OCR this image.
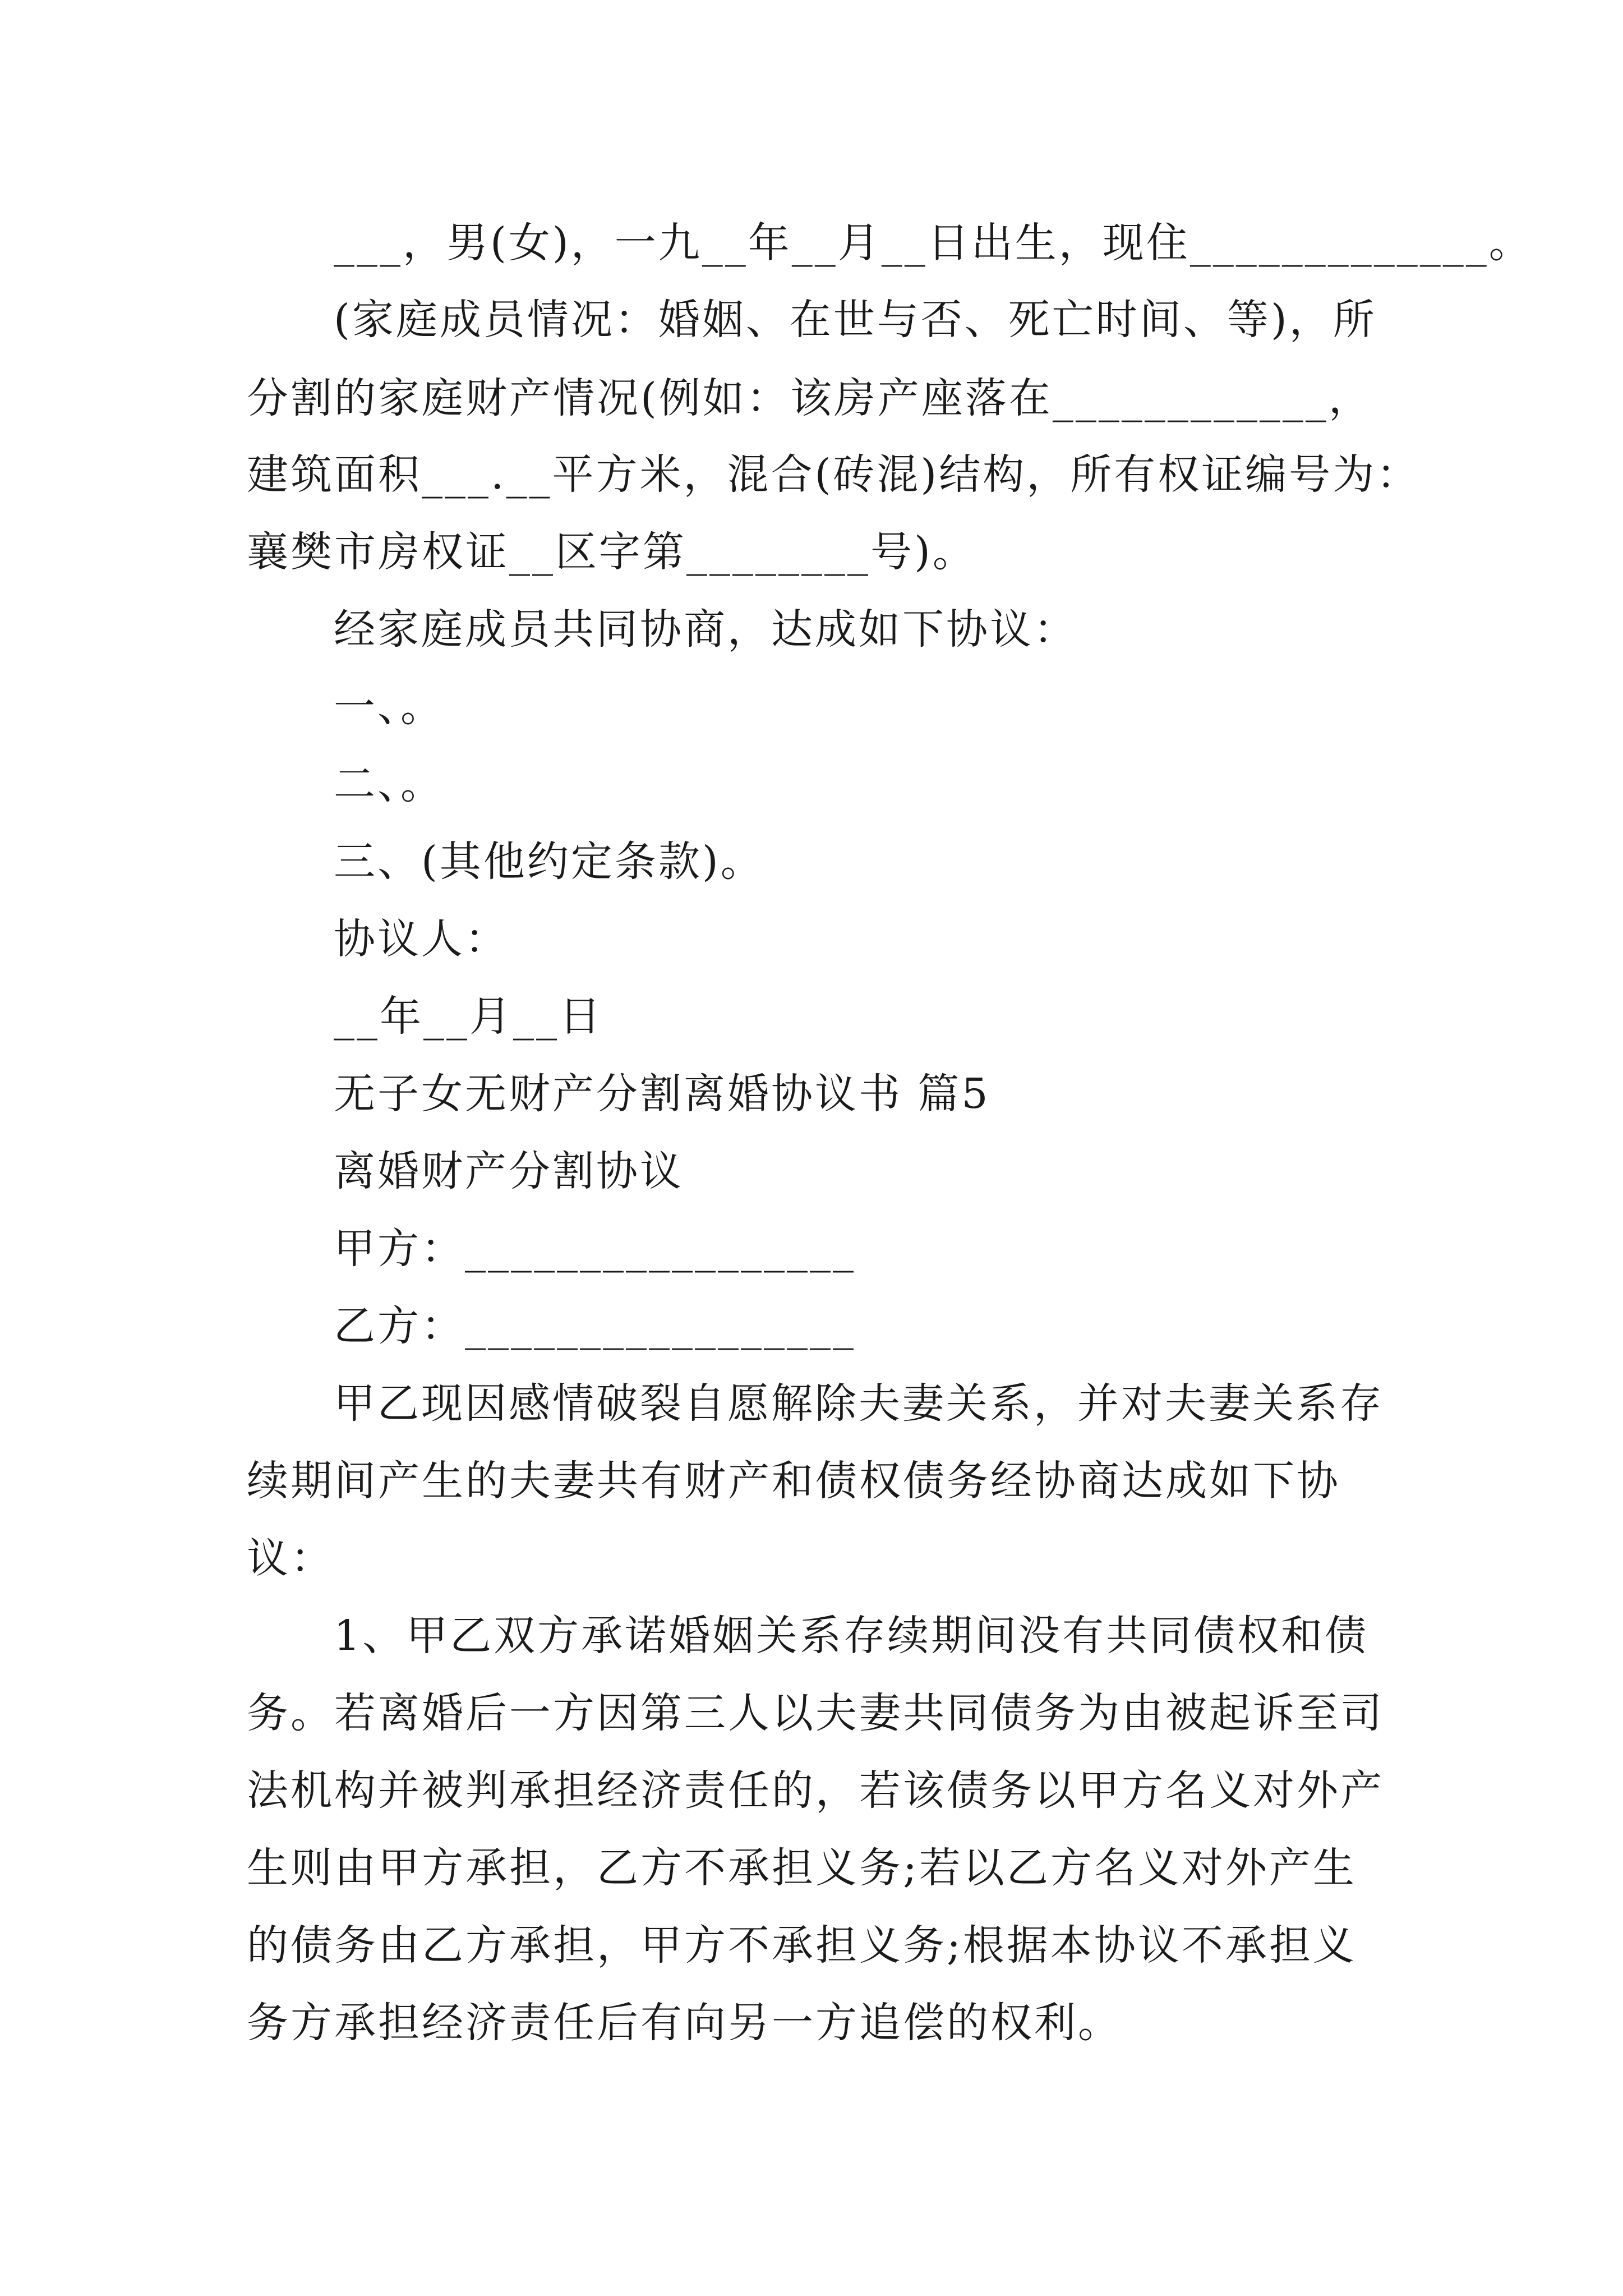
___，男(女)，一九__年__月__日出生，现住_____________。
(家庭成员情况：婚姻、在世与否、死亡时间、等)，所
分割的家庭财产情况(例如：该房产座落在____________，
建筑面积___.__平方米，混合(砖混)结构，所有权证编号为：
襄樊市房权证__区字第________号)。
经家庭成员共同协商，达成如下协议：
一、。
二、。
三、(其他约定条款)。
协议人：
__年__月__日
无子女无财产分割离婚协议书 篇5
离婚财产分割协议
甲方：_________________
乙方：_________________
甲乙现因感情破裂自愿解除夫妻关系，并对夫妻关系存
续期间产生的夫妻共有财产和债权债务经协商达成如下协
议：
1、甲乙双方承诺婚姻关系存续期间没有共同债权和债
务。若离婚后一方因第三人以夫妻共同债务为由被起诉至司
法机构并被判承担经济责任的，若该债务以甲方名义对外产
生则由甲方承担，乙方不承担义务;若以乙方名义对外产生
的债务由乙方承担，甲方不承担义务;根据本协议不承担义
务方承担经济责任后有向另一方追偿的权利。
